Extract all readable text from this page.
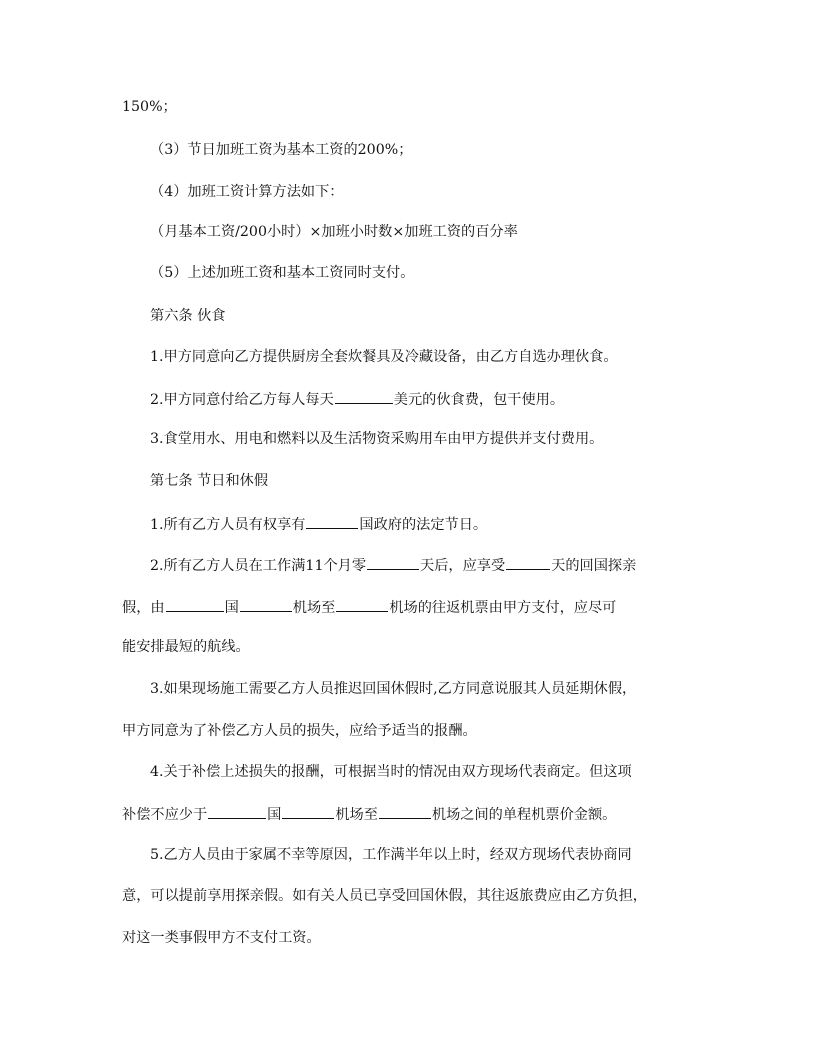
150%；
（3）节日加班工资为基本工资的200%；
（4）加班工资计算方法如下：
（月基本工资/200小时）×加班小时数×加班工资的百分率
（5）上述加班工资和基本工资同时支付。
第六条 伙食
1.甲方同意向乙方提供厨房全套炊餐具及冷藏设备，由乙方自选办理伙食。
2.甲方同意付给乙方每人每天	美元的伙食费，包干使用。
3.食堂用水、用电和燃料以及生活物资采购用车由甲方提供并支付费用。
第七条 节日和休假
1.所有乙方人员有权享有	国政府的法定节日。
2.所有乙方人员在工作满11个月零	天后，应享受	天的回国探亲
假，由	国	机场至	机场的往返机票由甲方支付，应尽可
能安排最短的航线。
3.如果现场施工需要乙方人员推迟回国休假时,乙方同意说服其人员延期休假，
甲方同意为了补偿乙方人员的损失，应给予适当的报酬。
4.关于补偿上述损失的报酬，可根据当时的情况由双方现场代表商定。但这项
补偿不应少于	国	机场至	机场之间的单程机票价金额。
5.乙方人员由于家属不幸等原因，工作满半年以上时，经双方现场代表协商同
意，可以提前享用探亲假。如有关人员已享受回国休假，其往返旅费应由乙方负担，
对这一类事假甲方不支付工资。
